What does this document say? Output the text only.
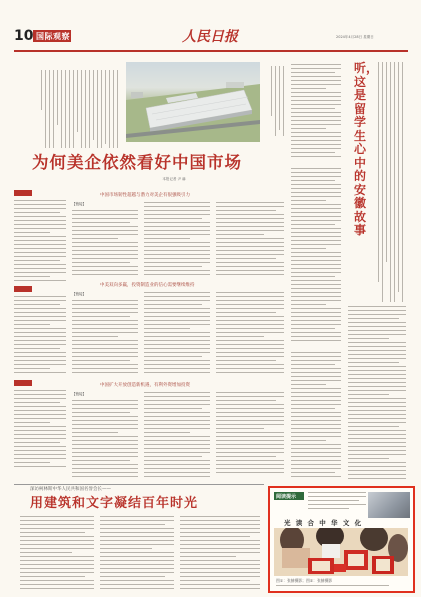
10 国际观察	人民日报	2024年4月28日 星期日
听，这是留学生心中的安徽故事
为何美企依然看好中国市场
本报记者 尹 赫
中国市场韧性超越与潜力对美企有很强吸引力
【链接】
中美双向多赢，投资制造业的信心需要继续维持
【链接】
中国扩大开放创造新机遇，有利外资增加投资
【链接】
深访柯林斯中华人民共和国名誉会长——
用建筑和文字凝结百年时光	阅读提示
光 读 合 中 华 文 化
图①：张赫摄影；图②：张赫摄影
